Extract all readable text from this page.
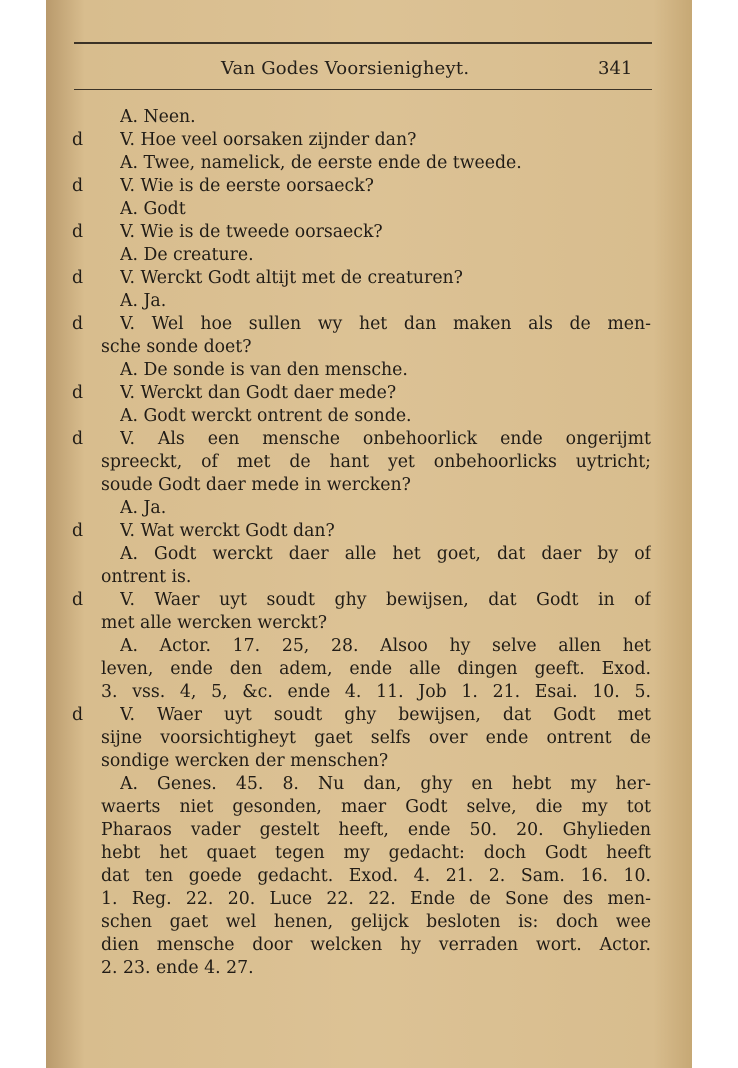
Van Godes Voorsienigheyt.	341
d
d
d
d
d
d
d
d
d
d
A. Neen.
V. Hoe veel oorsaken zijnder dan?
A. Twee, namelick, de eerste ende de tweede.
V. Wie is de eerste oorsaeck?
A. Godt
V. Wie is de tweede oorsaeck?
A. De creature.
V. Werckt Godt altijt met de creaturen?
A. Ja.
V. Wel hoe sullen wy het dan maken als de men-
sche sonde doet?
A. De sonde is van den mensche.
V. Werckt dan Godt daer mede?
A. Godt werckt ontrent de sonde.
V. Als een mensche onbehoorlick ende ongerijmt
spreeckt, of met de hant yet onbehoorlicks uytricht;
soude Godt daer mede in wercken?
A. Ja.
V. Wat werckt Godt dan?
A. Godt werckt daer alle het goet, dat daer by of
ontrent is.
V. Waer uyt soudt ghy bewijsen, dat Godt in of
met alle wercken werckt?
A. Actor. 17. 25, 28. Alsoo hy selve allen het
leven, ende den adem, ende alle dingen geeft. Exod.
3. vss. 4, 5, &c. ende 4. 11. Job 1. 21. Esai. 10. 5.
V. Waer uyt soudt ghy bewijsen, dat Godt met
sijne voorsichtigheyt gaet selfs over ende ontrent de
sondige wercken der menschen?
A. Genes. 45. 8. Nu dan, ghy en hebt my her-
waerts niet gesonden, maer Godt selve, die my tot
Pharaos vader gestelt heeft, ende 50. 20. Ghylieden
hebt het quaet tegen my gedacht: doch Godt heeft
dat ten goede gedacht. Exod. 4. 21. 2. Sam. 16. 10.
1. Reg. 22. 20. Luce 22. 22. Ende de Sone des men-
schen gaet wel henen, gelijck besloten is: doch wee
dien mensche door welcken hy verraden wort. Actor.
2. 23. ende 4. 27.
